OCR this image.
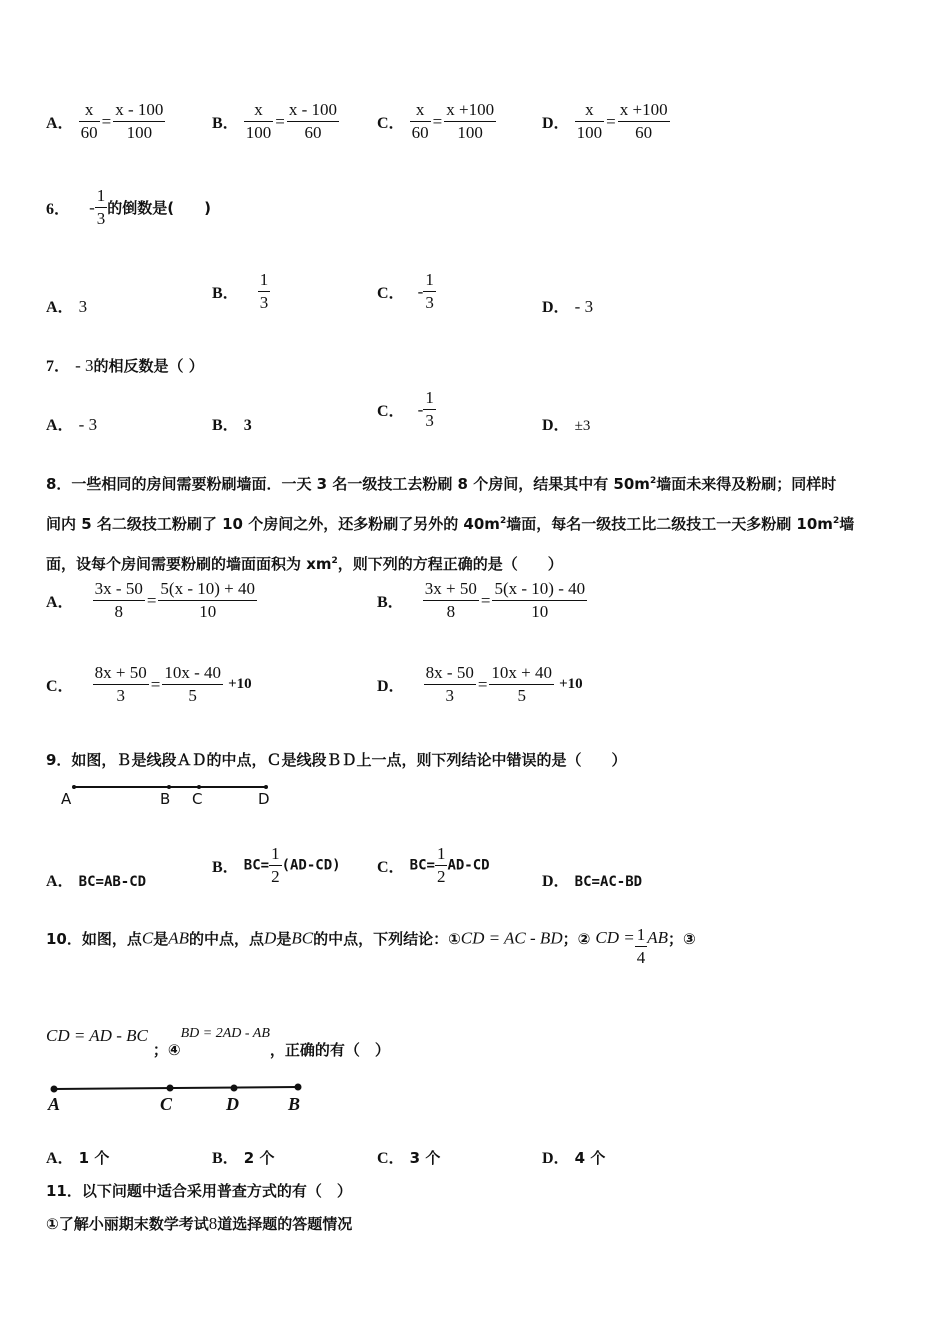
A． $\frac{x}{60} = \frac{x - 100}{100}$	B． $\frac{x}{100} = \frac{x - 100}{60}$ C． $\frac{x}{60} = \frac{x +100}{100}$	D． $\frac{x}{100} = \frac{x +100}{60}$
6． - $\frac{1}{3}$ 的倒数是(　　)
A． 3
B． $\frac{1}{3}$	C． - $\frac{1}{3}$	D． - 3
7． - 3的相反数是（ ）
A． - 3	B． 3
C． - $\frac{1}{3}$	D． ±3
8．一些相同的房间需要粉刷墙面．一天 3 名一级技工去粉刷 8 个房间，结果其中有 $50m^2$墙面未来得及粉刷；同样时
间内 5 名二级技工粉刷了 10 个房间之外，还多粉刷了另外的 $40m^2$墙面，每名一级技工比二级技工一天多粉刷 $10m^2$墙
面，设每个房间需要粉刷的墙面面积为 $xm^2$，则下列的方程正确的是（　　）
A． $\frac{3x - 50}{8} = \frac{5(x - 10) + 40}{10}$	B． $\frac{3x + 50}{8} = \frac{5(x - 10) - 40}{10}$
C． $\frac{8x + 50}{3} = \frac{10x - 40}{5} +10$	D． $\frac{8x - 50}{3} = \frac{10x + 40}{5} +10$
9．如图，Ｂ是线段ＡＤ的中点，Ｃ是线段ＢＤ上一点，则下列结论中错误的是（　　）
A	B C	D
A． BC=AB-CD
B． $BC= \frac{1}{2} (AD-CD)$ C． $BC= \frac{1}{2} AD-CD$
D． BC=AC-BD
10．如图，点C是AB的中点，点D是BC的中点，下列结论：①CD = AC - BD；② CD = $\frac{1}{4}$ AB；③
CD = AD - BC ；④BD = 2AD - AB，正确的有（　）
A	C	D	B
A． 1 个	B． 2 个	C． 3 个	D． 4 个
11．以下问题中适合采用普查方式的有（　）
①了解小丽期末数学考试8道选择题的答题情况
